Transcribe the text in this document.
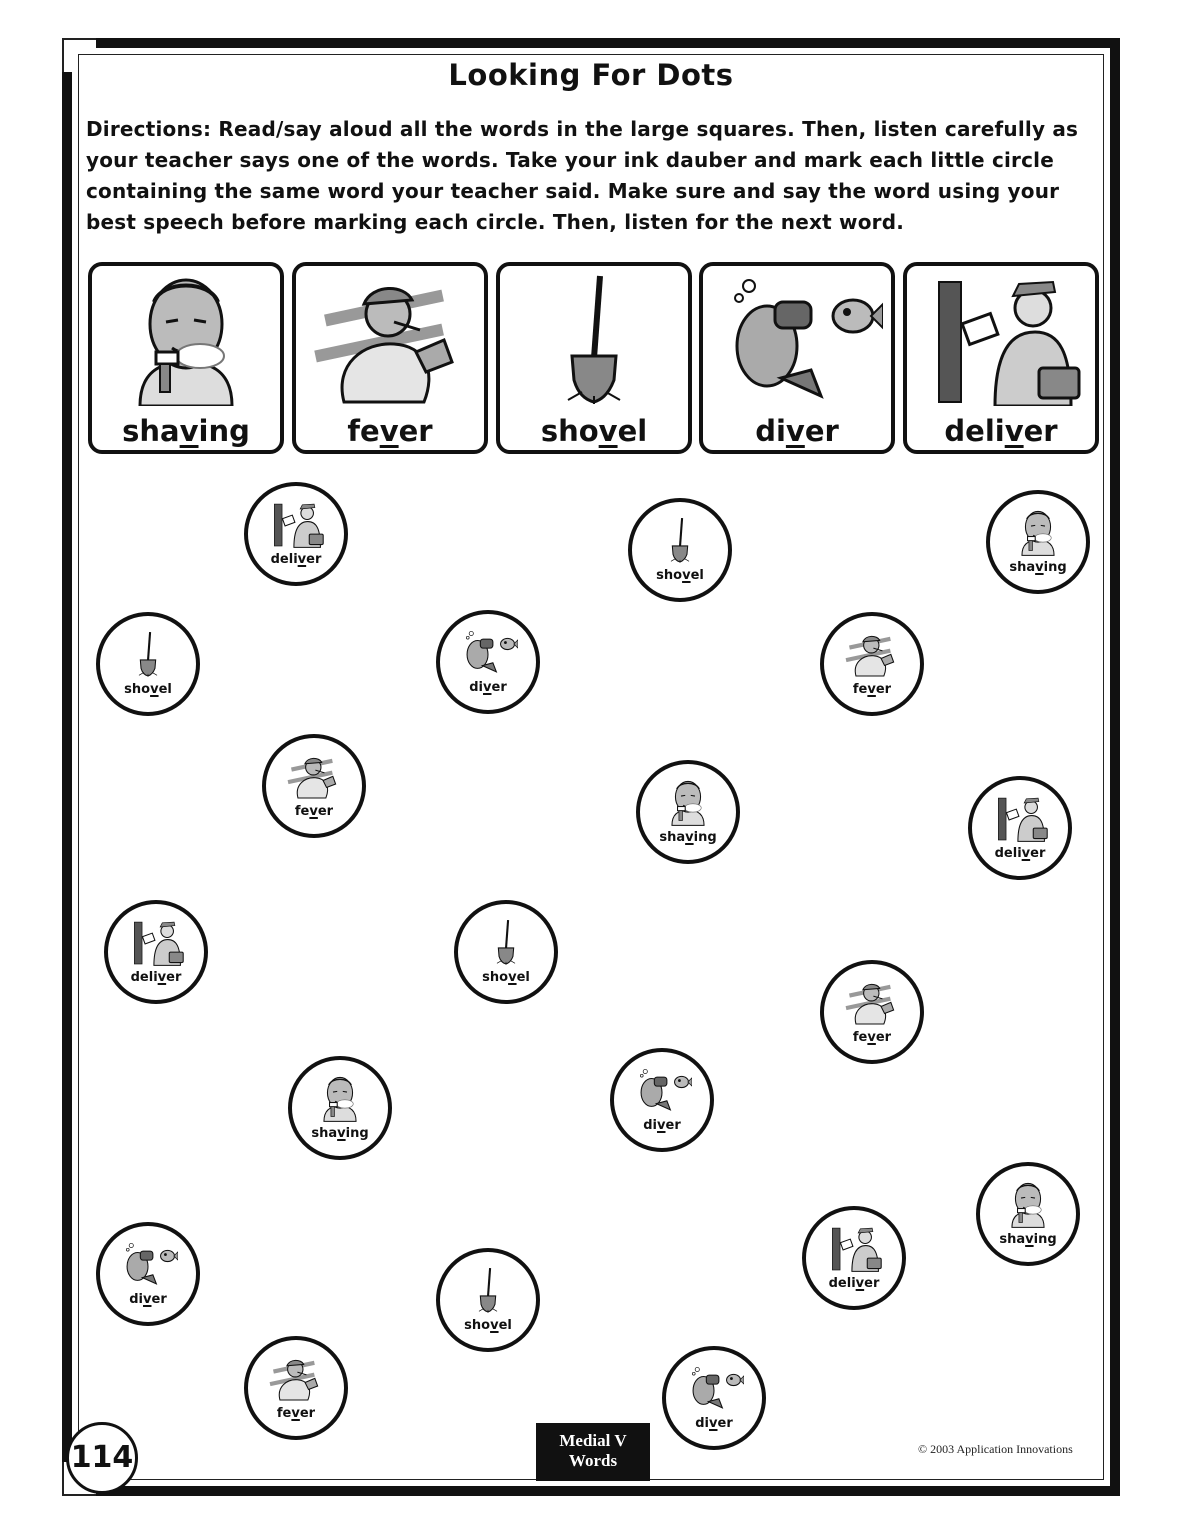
Looking For Dots
Directions: Read/say aloud all the words in the large squares. Then, listen carefully as your teacher says one of the words. Take your ink dauber and mark each little circle containing the same word your teacher said. Make sure and say the word using your best speech before marking each circle. Then, listen for the next word.
shaving	fever	shovel	diver	deliver
deliver
shovel
shaving
shovel	diver	fever
fever
shaving
deliver
deliver	shovel
fever
shaving
diver
shaving
diver
deliver
shovel
fever
diver
114	Medial V
Words
© 2003 Application Innovations
